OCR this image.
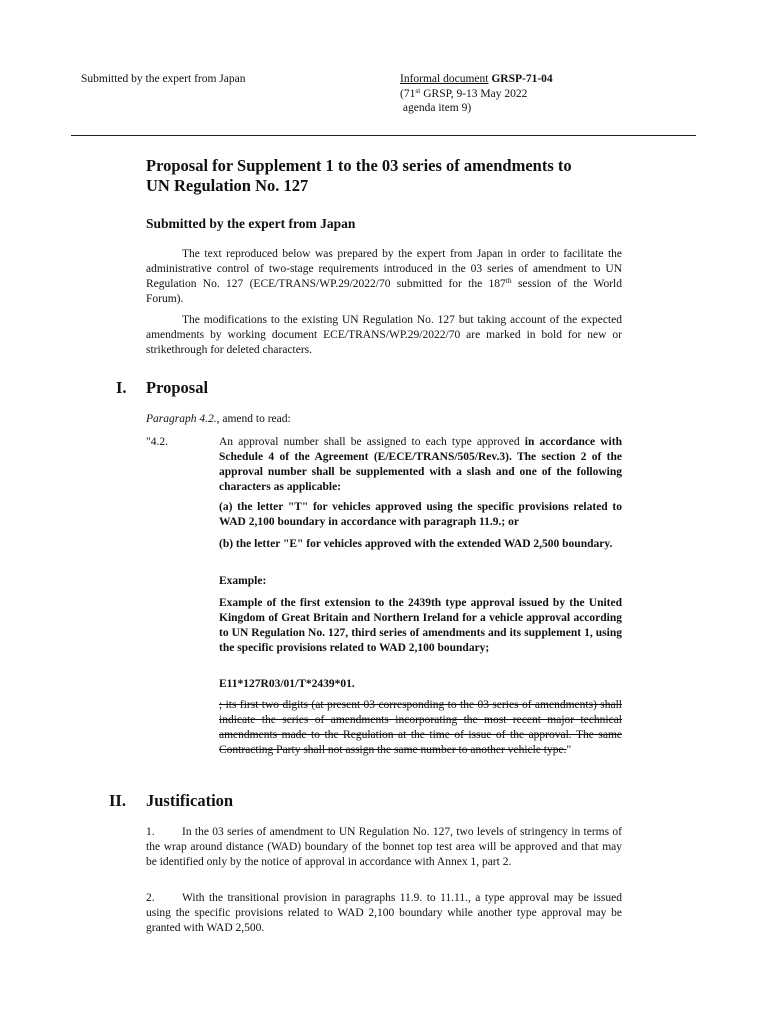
Submitted by the expert from Japan	Informal document GRSP-71-04
(71st GRSP, 9-13 May 2022
agenda item 9)
Proposal for Supplement 1 to the 03 series of amendments to
UN Regulation No. 127
Submitted by the expert from Japan
The text reproduced below was prepared by the expert from Japan in order to facilitate the administrative control of two-stage requirements introduced in the 03 series of amendment to UN Regulation No. 127 (ECE/TRANS/WP.29/2022/70 submitted for the 187th session of the World Forum).
The modifications to the existing UN Regulation No. 127 but taking account of the expected amendments by working document ECE/TRANS/WP.29/2022/70 are marked in bold for new or strikethrough for deleted characters.
I. Proposal
Paragraph 4.2., amend to read:
"4.2.	An approval number shall be assigned to each type approved in accordance with Schedule 4 of the Agreement (E/ECE/TRANS/505/Rev.3). The section 2 of the approval number shall be supplemented with a slash and one of the following characters as applicable:
(a) the letter "T" for vehicles approved using the specific provisions related to WAD 2,100 boundary in accordance with paragraph 11.9.; or
(b) the letter "E" for vehicles approved with the extended WAD 2,500 boundary.
Example:
Example of the first extension to the 2439th type approval issued by the United Kingdom of Great Britain and Northern Ireland for a vehicle approval according to UN Regulation No. 127, third series of amendments and its supplement 1, using the specific provisions related to WAD 2,100 boundary;
E11*127R03/01/T*2439*01.
; its first two digits (at present 03 corresponding to the 03 series of amendments) shall indicate the series of amendments incorporating the most recent major technical amendments made to the Regulation at the time of issue of the approval. The same Contracting Party shall not assign the same number to another vehicle type."
II. Justification
1. In the 03 series of amendment to UN Regulation No. 127, two levels of stringency in terms of the wrap around distance (WAD) boundary of the bonnet top test area will be approved and that may be identified only by the notice of approval in accordance with Annex 1, part 2.
2. With the transitional provision in paragraphs 11.9. to 11.11., a type approval may be issued using the specific provisions related to WAD 2,100 boundary while another type approval may be granted with WAD 2,500.
